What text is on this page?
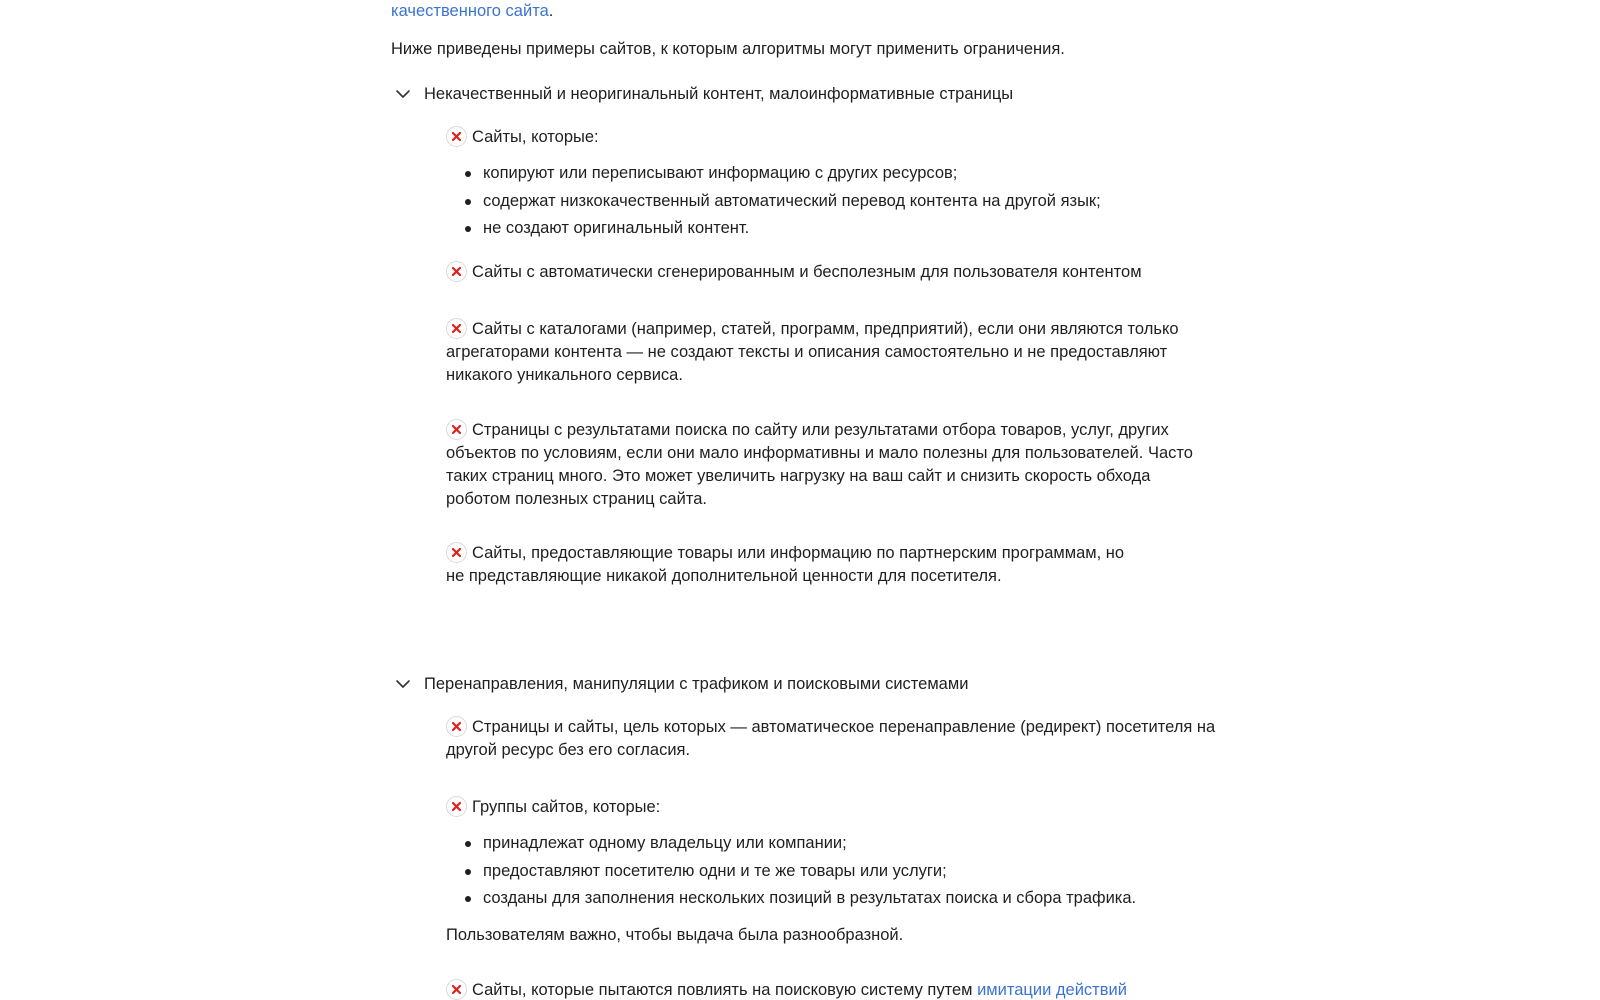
качественного сайта.
Ниже приведены примеры сайтов, к которым алгоритмы могут применить ограничения.
Некачественный и неоригинальный контент, малоинформативные страницы
Сайты, которые:
копируют или переписывают информацию с других ресурсов;
содержат низкокачественный автоматический перевод контента на другой язык;
не создают оригинальный контент.
Сайты с автоматически сгенерированным и бесполезным для пользователя контентом
Сайты с каталогами (например, статей, программ, предприятий), если они являются только агрегаторами контента — не создают тексты и описания самостоятельно и не предоставляют никакого уникального сервиса.
Страницы с результатами поиска по сайту или результатами отбора товаров, услуг, других объектов по условиям, если они мало информативны и мало полезны для пользователей. Часто таких страниц много. Это может увеличить нагрузку на ваш сайт и снизить скорость обхода роботом полезных страниц сайта.
Сайты, предоставляющие товары или информацию по партнерским программам, но не представляющие никакой дополнительной ценности для посетителя.
Перенаправления, манипуляции с трафиком и поисковыми системами
Страницы и сайты, цель которых — автоматическое перенаправление (редирект) посетителя на другой ресурс без его согласия.
Группы сайтов, которые:
принадлежат одному владельцу или компании;
предоставляют посетителю одни и те же товары или услуги;
созданы для заполнения нескольких позиций в результатах поиска и сбора трафика.
Пользователям важно, чтобы выдача была разнообразной.
Сайты, которые пытаются повлиять на поисковую систему путем имитации действий
